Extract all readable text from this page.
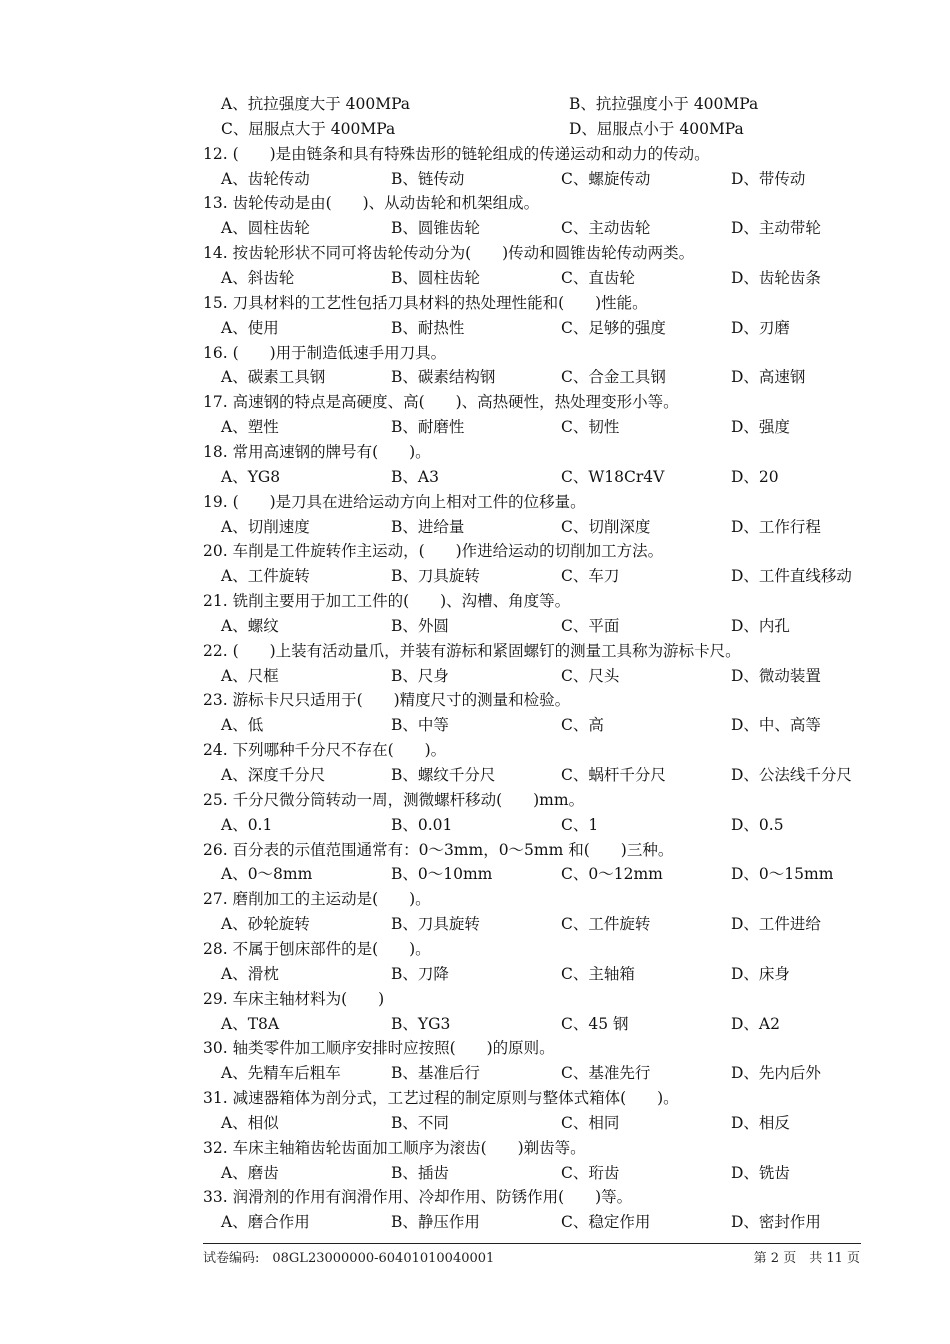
A、抗拉强度大于 400MPa	B、抗拉强度小于 400MPa
C、屈服点大于 400MPa	D、屈服点小于 400MPa
12. (　　)是由链条和具有特殊齿形的链轮组成的传递运动和动力的传动。
A、齿轮传动	B、链传动	C、螺旋传动	D、带传动
13. 齿轮传动是由(　　)、从动齿轮和机架组成。
A、圆柱齿轮	B、圆锥齿轮	C、主动齿轮	D、主动带轮
14. 按齿轮形状不同可将齿轮传动分为(　　)传动和圆锥齿轮传动两类。
A、斜齿轮	B、圆柱齿轮	C、直齿轮	D、齿轮齿条
15. 刀具材料的工艺性包括刀具材料的热处理性能和(　　)性能。
A、使用	B、耐热性	C、足够的强度	D、刃磨
16. (　　)用于制造低速手用刀具。
A、碳素工具钢	B、碳素结构钢	C、合金工具钢	D、高速钢
17. 高速钢的特点是高硬度、高(　　)、高热硬性，热处理变形小等。
A、塑性	B、耐磨性	C、韧性	D、强度
18. 常用高速钢的牌号有(　　)。
A、YG8	B、A3	C、W18Cr4V	D、20
19. (　　)是刀具在进给运动方向上相对工件的位移量。
A、切削速度	B、进给量	C、切削深度	D、工作行程
20. 车削是工件旋转作主运动，(　　)作进给运动的切削加工方法。
A、工件旋转	B、刀具旋转	C、车刀	D、工件直线移动
21. 铣削主要用于加工工件的(　　)、沟槽、角度等。
A、螺纹	B、外圆	C、平面	D、内孔
22. (　　)上装有活动量爪，并装有游标和紧固螺钉的测量工具称为游标卡尺。
A、尺框	B、尺身	C、尺头	D、微动装置
23. 游标卡尺只适用于(　　)精度尺寸的测量和检验。
A、低	B、中等	C、高	D、中、高等
24. 下列哪种千分尺不存在(　　)。
A、深度千分尺	B、螺纹千分尺	C、蜗杆千分尺	D、公法线千分尺
25. 千分尺微分筒转动一周，测微螺杆移动(　　)mm。
A、0.1	B、0.01	C、1	D、0.5
26. 百分表的示值范围通常有：0～3mm，0～5mm 和(　　)三种。
A、0～8mm	B、0～10mm	C、0～12mm	D、0～15mm
27. 磨削加工的主运动是(　　)。
A、砂轮旋转	B、刀具旋转	C、工件旋转	D、工件进给
28. 不属于刨床部件的是(　　)。
A、滑枕	B、刀降	C、主轴箱	D、床身
29. 车床主轴材料为(　　)
A、T8A	B、YG3	C、45 钢	D、A2
30. 轴类零件加工顺序安排时应按照(　　)的原则。
A、先精车后粗车	B、基准后行	C、基准先行	D、先内后外
31. 减速器箱体为剖分式，工艺过程的制定原则与整体式箱体(　　)。
A、相似	B、不同	C、相同	D、相反
32. 车床主轴箱齿轮齿面加工顺序为滚齿(　　)剃齿等。
A、磨齿	B、插齿	C、珩齿	D、铣齿
33. 润滑剂的作用有润滑作用、冷却作用、防锈作用(　　)等。
A、磨合作用	B、静压作用	C、稳定作用	D、密封作用
试卷编码:　08GL23000000-60401010040001	第 2 页　共 11 页
